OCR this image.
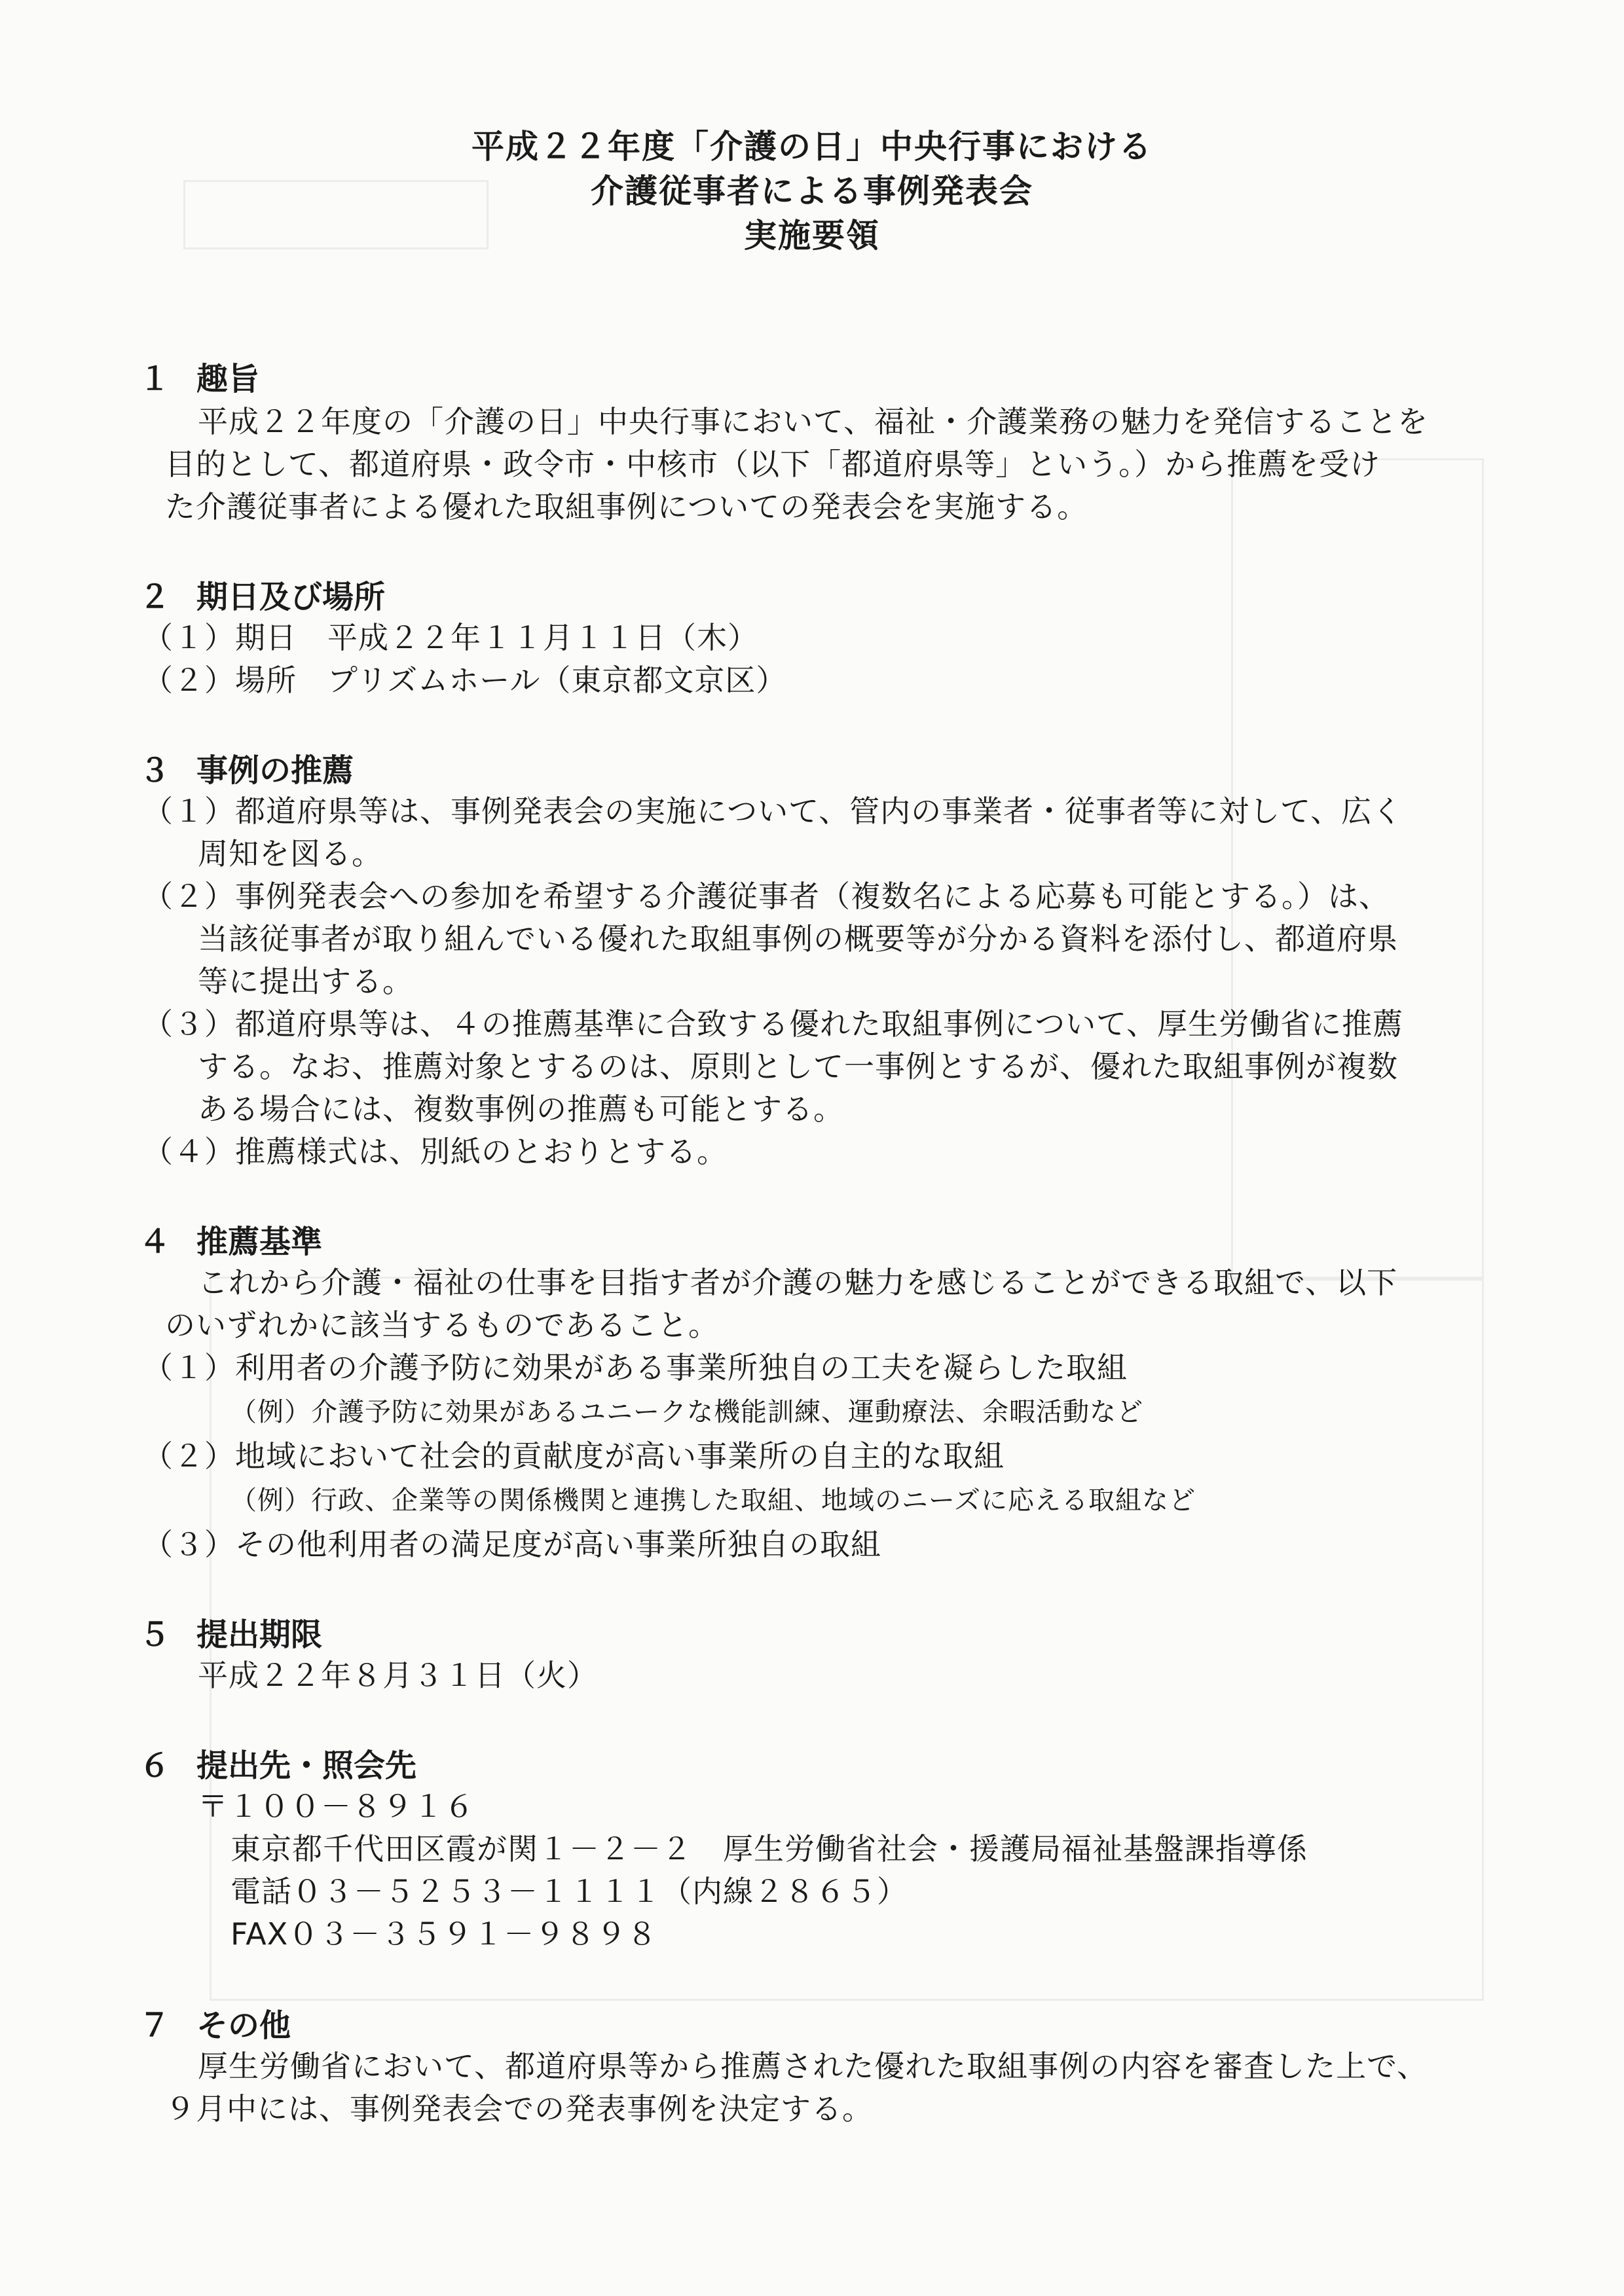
平成２２年度「介護の日」中央行事における
介護従事者による事例発表会
実施要領
１ 趣旨
平成２２年度の「介護の日」中央行事において、福祉・介護業務の魅力を発信することを
目的として、都道府県・政令市・中核市（以下「都道府県等」という。）から推薦を受け
た介護従事者による優れた取組事例についての発表会を実施する。
２ 期日及び場所
（１）期日　平成２２年１１月１１日（木）
（２）場所　プリズムホール（東京都文京区）
３ 事例の推薦
（１）都道府県等は、事例発表会の実施について、管内の事業者・従事者等に対して、広く
周知を図る。
（２）事例発表会への参加を希望する介護従事者（複数名による応募も可能とする。）は、
当該従事者が取り組んでいる優れた取組事例の概要等が分かる資料を添付し、都道府県
等に提出する。
（３）都道府県等は、４の推薦基準に合致する優れた取組事例について、厚生労働省に推薦
する。なお、推薦対象とするのは、原則として一事例とするが、優れた取組事例が複数
ある場合には、複数事例の推薦も可能とする。
（４）推薦様式は、別紙のとおりとする。
４ 推薦基準
これから介護・福祉の仕事を目指す者が介護の魅力を感じることができる取組で、以下
のいずれかに該当するものであること。
（１）利用者の介護予防に効果がある事業所独自の工夫を凝らした取組
（例）介護予防に効果があるユニークな機能訓練、運動療法、余暇活動など
（２）地域において社会的貢献度が高い事業所の自主的な取組
（例）行政、企業等の関係機関と連携した取組、地域のニーズに応える取組など
（３）その他利用者の満足度が高い事業所独自の取組
５ 提出期限
平成２２年８月３１日（火）
６ 提出先・照会先
〒１００－８９１６
東京都千代田区霞が関１－２－２　厚生労働省社会・援護局福祉基盤課指導係
電話０３－５２５３－１１１１（内線２８６５）
FAX０３－３５９１－９８９８
７ その他
厚生労働省において、都道府県等から推薦された優れた取組事例の内容を審査した上で、
９月中には、事例発表会での発表事例を決定する。
